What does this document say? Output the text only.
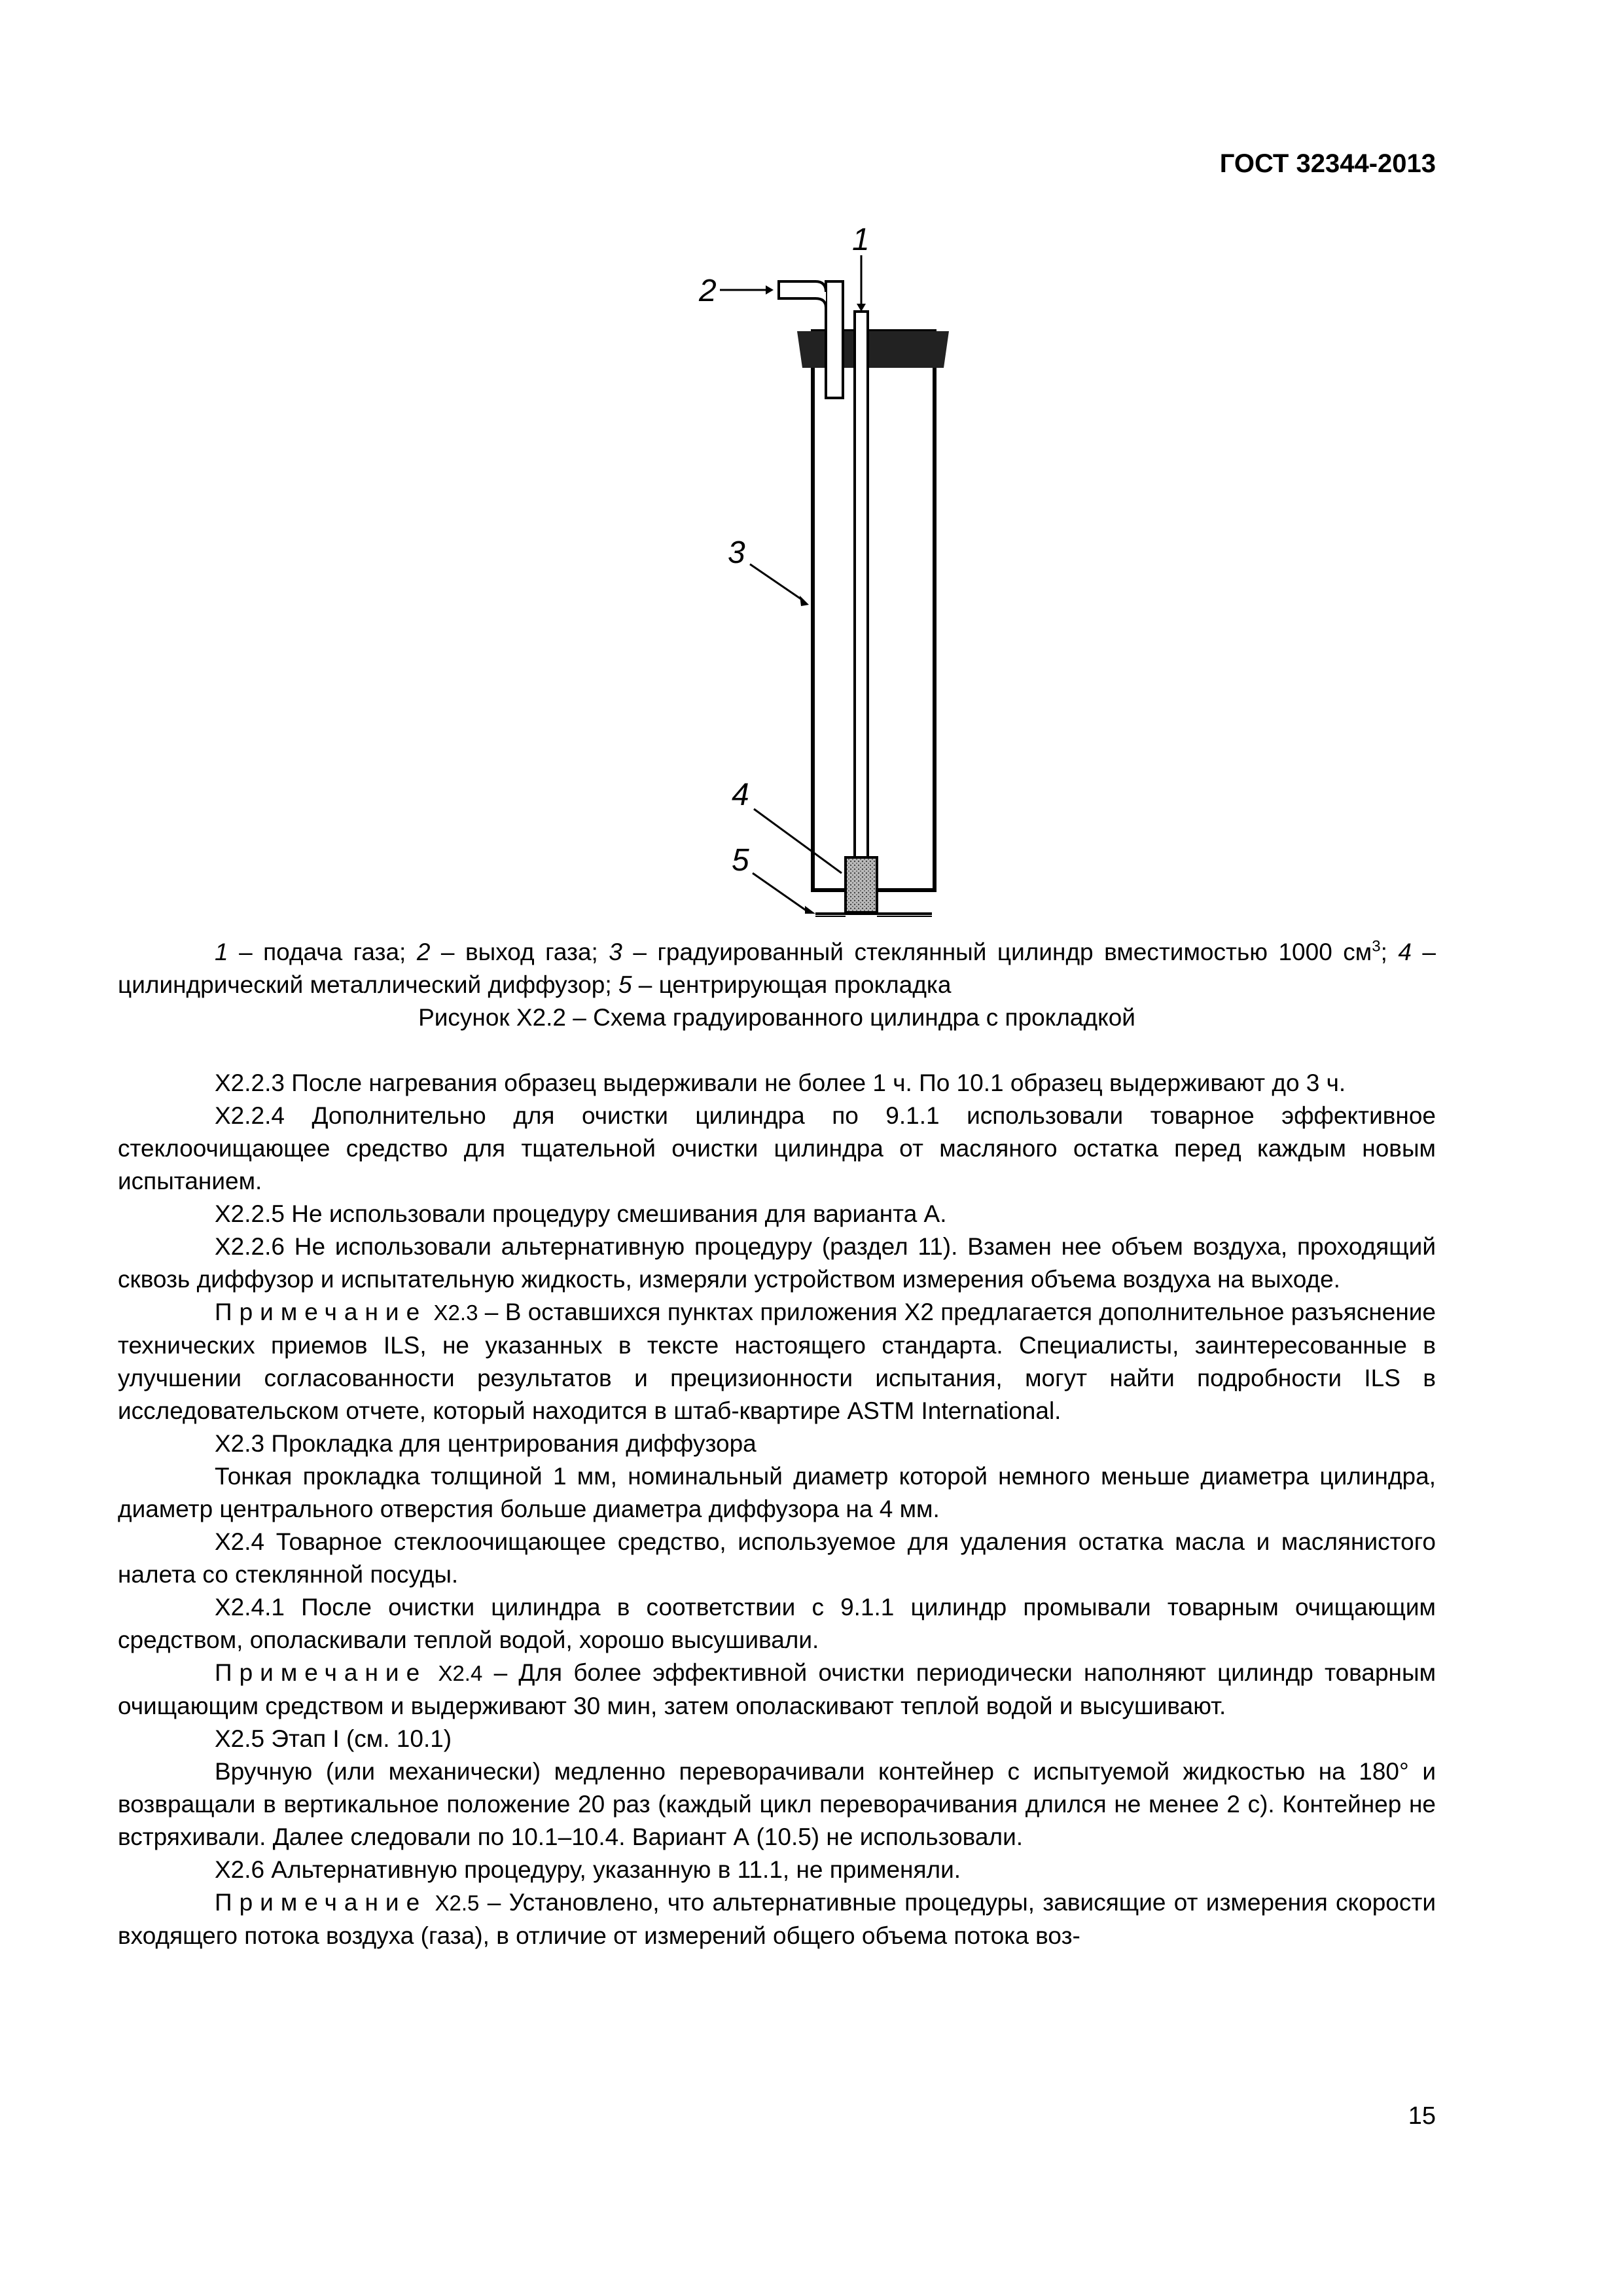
ГОСТ 32344-2013
1
2
3
4
5
1 – подача газа; 2 – выход газа; 3 – градуированный стеклянный цилиндр вместимостью 1000 $см^3$; 4 – цилиндрический металлический диффузор; 5 – центрирующая прокладка
Рисунок Х2.2 – Схема градуированного цилиндра с прокладкой

Х2.2.3 После нагревания образец выдерживали не более 1 ч. По 10.1 образец выдерживают до 3 ч.

Х2.2.4 Дополнительно для очистки цилиндра по 9.1.1 использовали товарное эффективное стеклоочищающее средство для тщательной очистки цилиндра от масляного остатка перед каждым новым испытанием.

Х2.2.5 Не использовали процедуру смешивания для варианта А.

Х2.2.6 Не использовали альтернативную процедуру (раздел 11). Взамен нее объем воздуха, проходящий сквозь диффузор и испытательную жидкость, измеряли устройством измерения объема воздуха на выходе.

Примечание Х2.3 – В оставшихся пунктах приложения Х2 предлагается дополнительное разъяснение технических приемов ILS, не указанных в тексте настоящего стандарта. Специалисты, заинтересованные в улучшении согласованности результатов и прецизионности испытания, могут найти подробности ILS в исследовательском отчете, который находится в штаб-квартире ASTM International.

Х2.3 Прокладка для центрирования диффузора

Тонкая прокладка толщиной 1 мм, номинальный диаметр которой немного меньше диаметра цилиндра, диаметр центрального отверстия больше диаметра диффузора на 4 мм.

Х2.4 Товарное стеклоочищающее средство, используемое для удаления остатка масла и маслянистого налета со стеклянной посуды.

Х2.4.1 После очистки цилиндра в соответствии с 9.1.1 цилиндр промывали товарным очищающим средством, ополаскивали теплой водой, хорошо высушивали.

Примечание Х2.4 – Для более эффективной очистки периодически наполняют цилиндр товарным очищающим средством и выдерживают 30 мин, затем ополаскивают теплой водой и высушивают.

Х2.5 Этап I (см. 10.1)

Вручную (или механически) медленно переворачивали контейнер с испытуемой жидкостью на 180° и возвращали в вертикальное положение 20 раз (каждый цикл переворачивания длился не менее 2 с). Контейнер не встряхивали. Далее следовали по 10.1–10.4. Вариант А (10.5) не использовали.

Х2.6 Альтернативную процедуру, указанную в 11.1, не применяли.

Примечание Х2.5 – Установлено, что альтернативные процедуры, зависящие от измерения скорости входящего потока воздуха (газа), в отличие от измерений общего объема потока воз-

15
